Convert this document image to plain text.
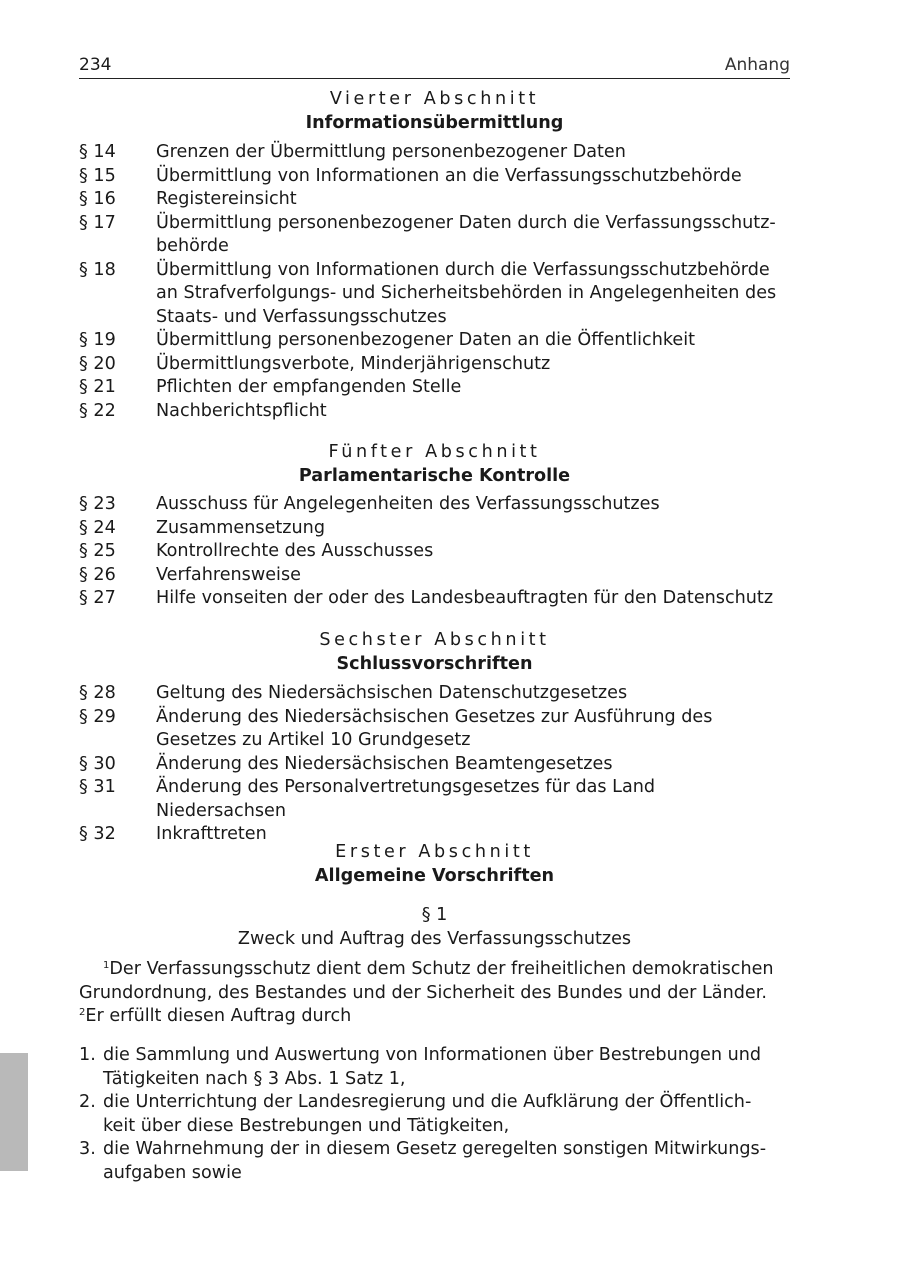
234	Anhang
Vierter Abschnitt
Informationsübermittlung
§ 14	Grenzen der Übermittlung personenbezogener Daten
§ 15	Übermittlung von Informationen an die Verfassungsschutzbehörde
§ 16	Registereinsicht
§ 17	Übermittlung personenbezogener Daten durch die Verfassungsschutz-
behörde
§ 18	Übermittlung von Informationen durch die Verfassungsschutzbehörde
an Strafverfolgungs- und Sicherheitsbehörden in Angelegenheiten des
Staats- und Verfassungsschutzes
§ 19	Übermittlung personenbezogener Daten an die Öffentlichkeit
§ 20	Übermittlungsverbote, Minderjährigenschutz
§ 21	Pflichten der empfangenden Stelle
§ 22	Nachberichtspflicht
Fünfter Abschnitt
Parlamentarische Kontrolle
§ 23	Ausschuss für Angelegenheiten des Verfassungsschutzes
§ 24	Zusammensetzung
§ 25	Kontrollrechte des Ausschusses
§ 26	Verfahrensweise
§ 27	Hilfe vonseiten der oder des Landesbeauftragten für den Datenschutz
Sechster Abschnitt
Schlussvorschriften
§ 28	Geltung des Niedersächsischen Datenschutzgesetzes
§ 29	Änderung des Niedersächsischen Gesetzes zur Ausführung des
Gesetzes zu Artikel 10 Grundgesetz
§ 30	Änderung des Niedersächsischen Beamtengesetzes
§ 31	Änderung des Personalvertretungsgesetzes für das Land Niedersachsen
§ 32	Inkrafttreten
Erster Abschnitt
Allgemeine Vorschriften
§ 1
Zweck und Auftrag des Verfassungsschutzes
$^1$Der Verfassungsschutz dient dem Schutz der freiheitlichen demokratischen
Grundordnung, des Bestandes und der Sicherheit des Bundes und der Länder.
$^2$Er erfüllt diesen Auftrag durch
1. die Sammlung und Auswertung von Informationen über Bestrebungen und
Tätigkeiten nach § 3 Abs. 1 Satz 1,
2. die Unterrichtung der Landesregierung und die Aufklärung der Öffentlich-
keit über diese Bestrebungen und Tätigkeiten,
3. die Wahrnehmung der in diesem Gesetz geregelten sonstigen Mitwirkungs-
aufgaben sowie
